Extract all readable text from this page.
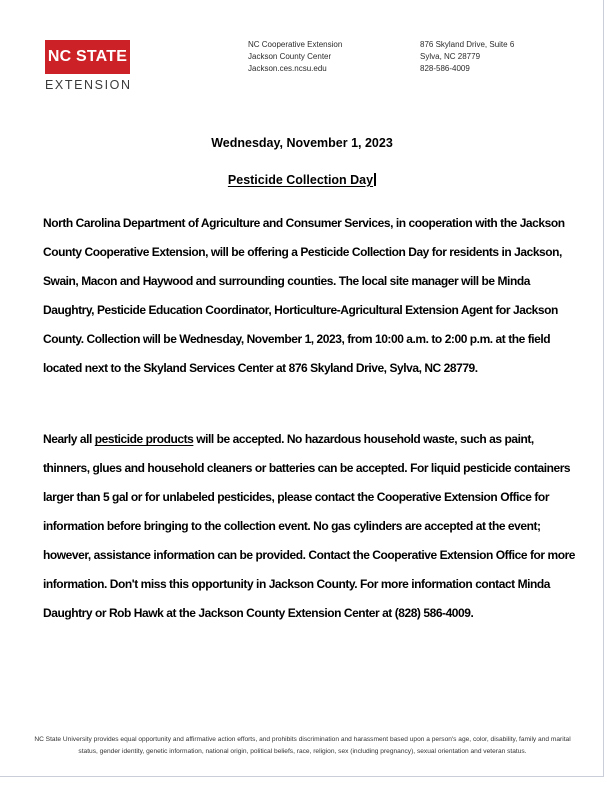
NC STATE
EXTENSION
NC Cooperative Extension
Jackson County Center
Jackson.ces.ncsu.edu
876 Skyland Drive, Suite 6
Sylva, NC 28779
828-586-4009
Wednesday, November 1, 2023
Pesticide Collection Day
North Carolina Department of Agriculture and Consumer Services, in cooperation with the Jackson County Cooperative Extension, will be offering a Pesticide Collection Day for residents in Jackson, Swain, Macon and Haywood and surrounding counties. The local site manager will be Minda Daughtry, Pesticide Education Coordinator, Horticulture-Agricultural Extension Agent for Jackson County. Collection will be Wednesday, November 1, 2023, from 10:00 a.m. to 2:00 p.m. at the field located next to the Skyland Services Center at 876 Skyland Drive, Sylva, NC 28779.
Nearly all pesticide products will be accepted. No hazardous household waste, such as paint, thinners, glues and household cleaners or batteries can be accepted. For liquid pesticide containers larger than 5 gal or for unlabeled pesticides, please contact the Cooperative Extension Office for information before bringing to the collection event. No gas cylinders are accepted at the event; however, assistance information can be provided. Contact the Cooperative Extension Office for more information. Don't miss this opportunity in Jackson County. For more information contact Minda Daughtry or Rob Hawk at the Jackson County Extension Center at (828) 586-4009.
NC State University provides equal opportunity and affirmative action efforts, and prohibits discrimination and harassment based upon a person's age, color, disability, family and marital status, gender identity, genetic information, national origin, political beliefs, race, religion, sex (including pregnancy), sexual orientation and veteran status.
